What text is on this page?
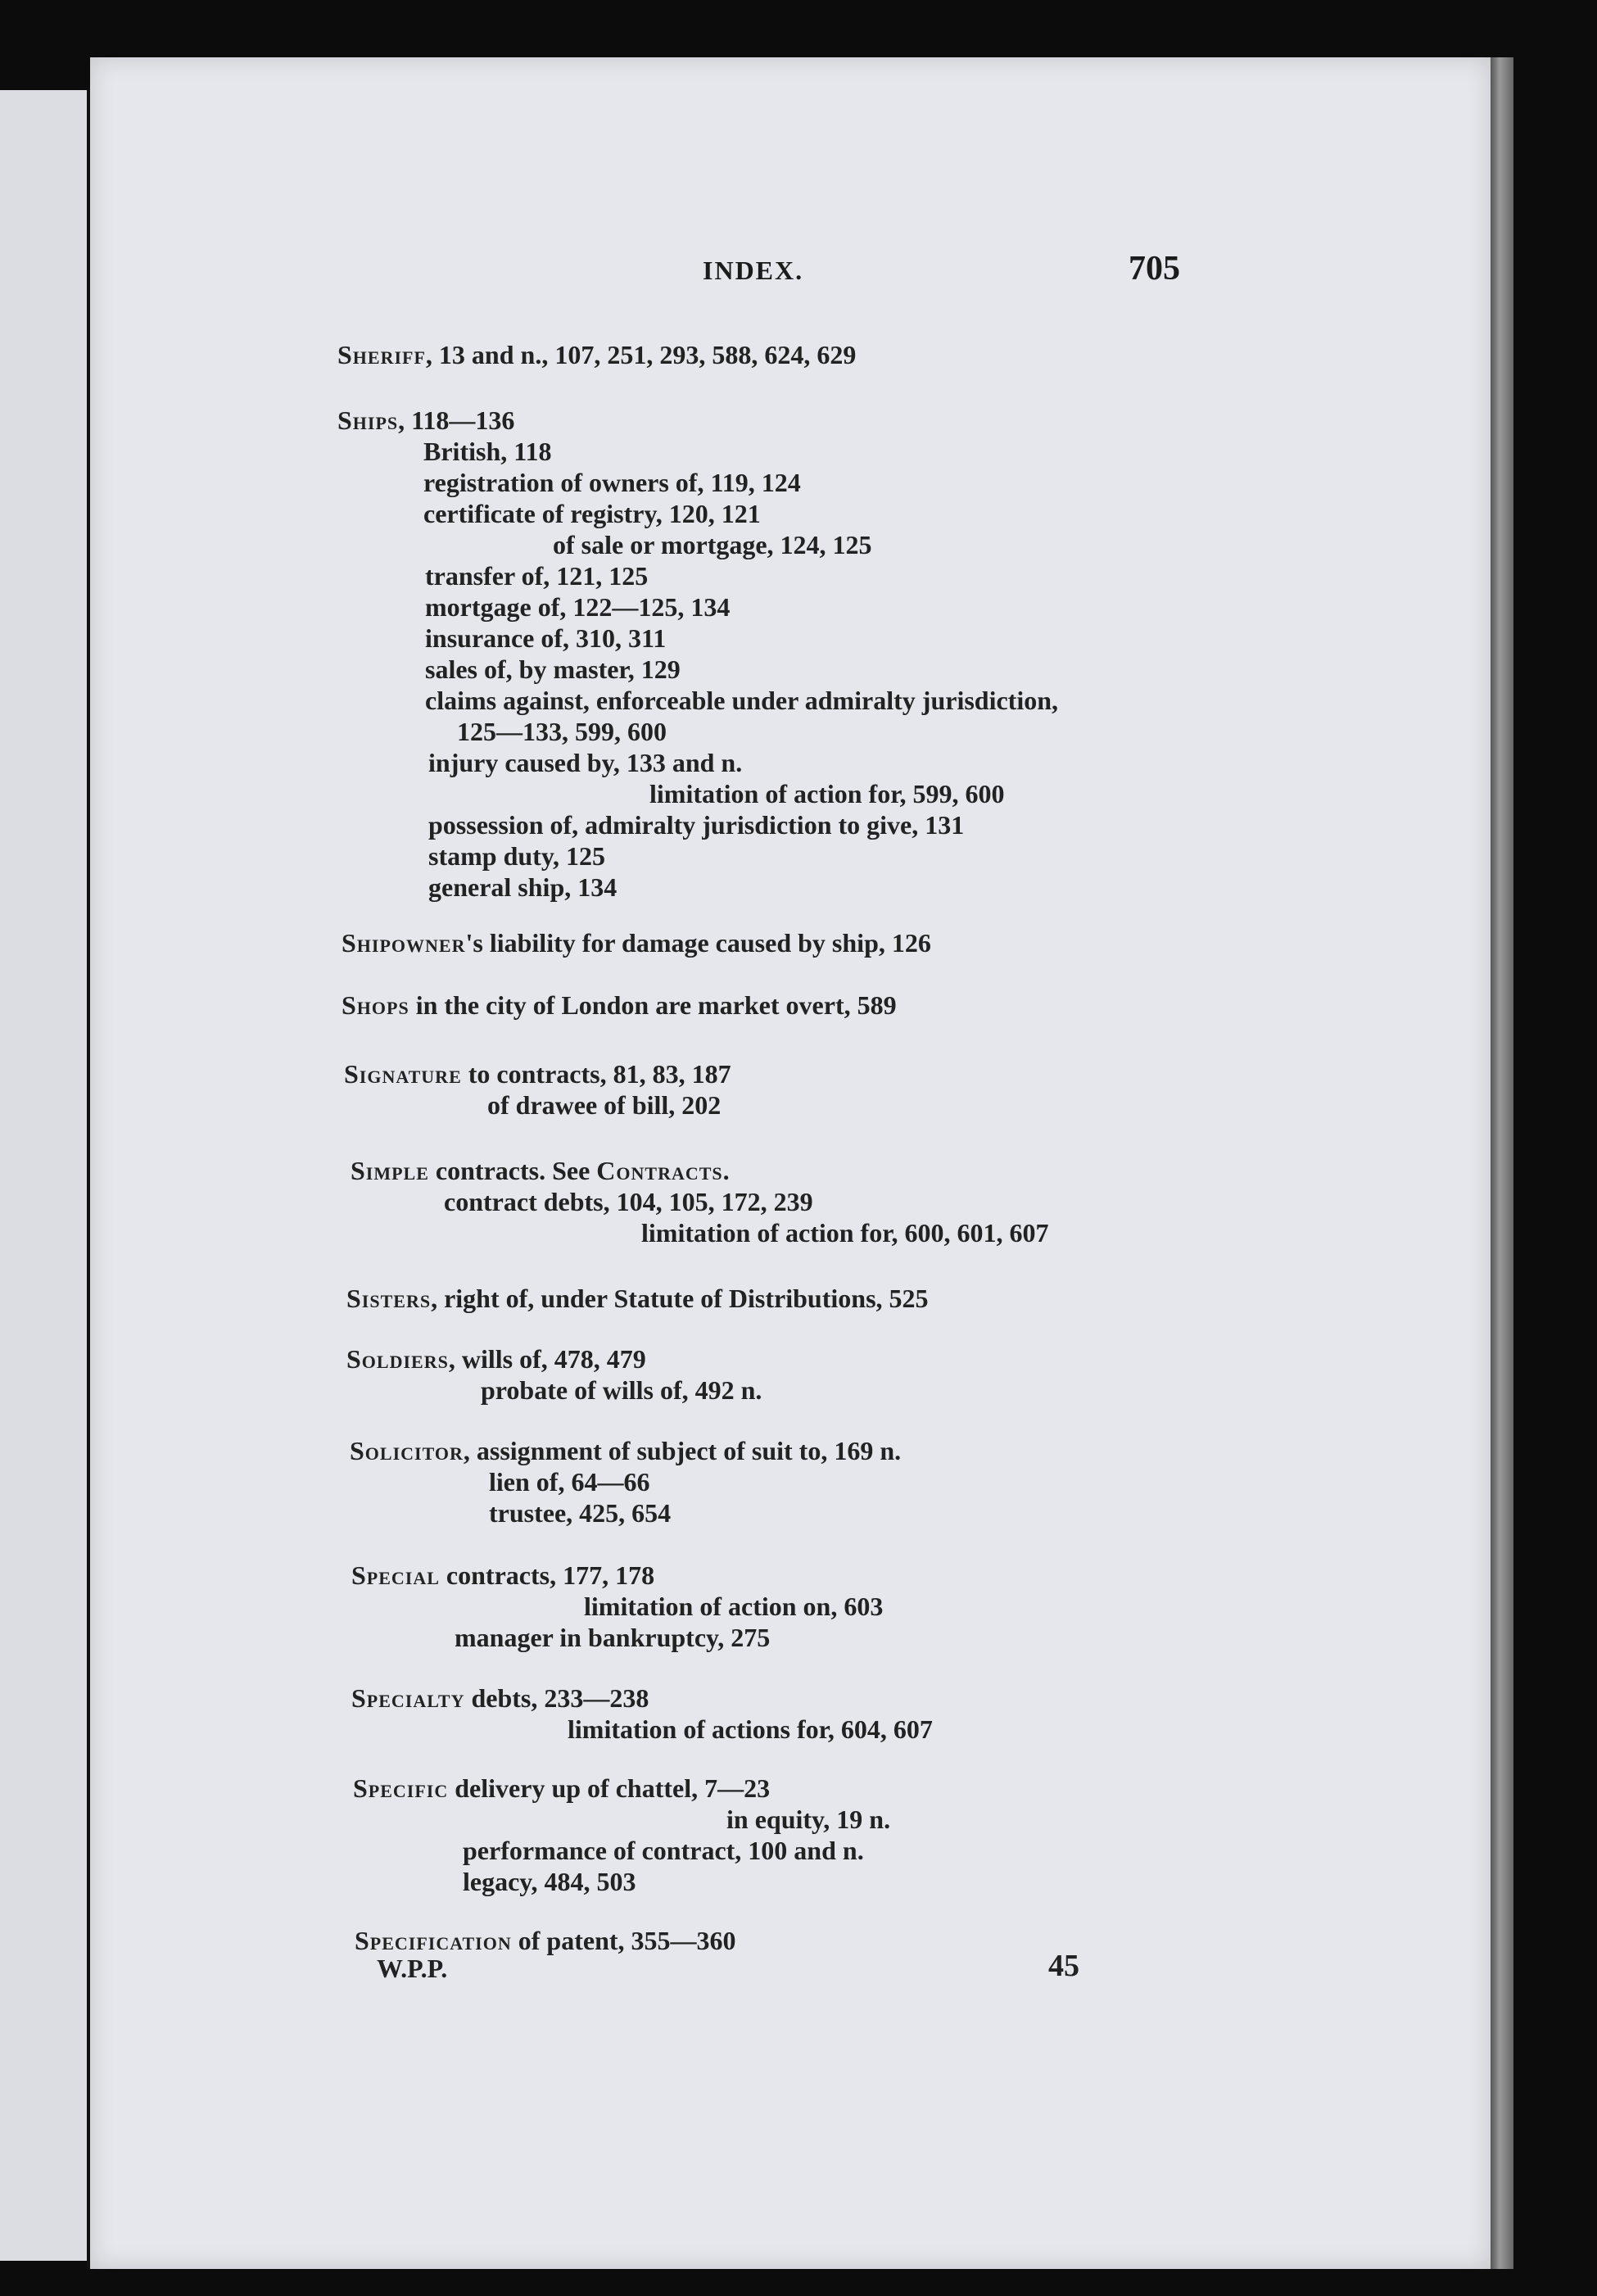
INDEX.	705
Sheriff, 13 and n., 107, 251, 293, 588, 624, 629
Ships, 118—136
British, 118
registration of owners of, 119, 124
certificate of registry, 120, 121
of sale or mortgage, 124, 125
transfer of, 121, 125
mortgage of, 122—125, 134
insurance of, 310, 311
sales of, by master, 129
claims against, enforceable under admiralty jurisdiction,
125—133, 599, 600
injury caused by, 133 and n.
limitation of action for, 599, 600
possession of, admiralty jurisdiction to give, 131
stamp duty, 125
general ship, 134
Shipowner's liability for damage caused by ship, 126
Shops in the city of London are market overt, 589
Signature to contracts, 81, 83, 187
of drawee of bill, 202
Simple contracts. See Contracts.
contract debts, 104, 105, 172, 239
limitation of action for, 600, 601, 607
Sisters, right of, under Statute of Distributions, 525
Soldiers, wills of, 478, 479
probate of wills of, 492 n.
Solicitor, assignment of subject of suit to, 169 n.
lien of, 64—66
trustee, 425, 654
Special contracts, 177, 178
limitation of action on, 603
manager in bankruptcy, 275
Specialty debts, 233—238
limitation of actions for, 604, 607
Specific delivery up of chattel, 7—23
in equity, 19 n.
performance of contract, 100 and n.
legacy, 484, 503
Specification of patent, 355—360
W.P.P.	45
